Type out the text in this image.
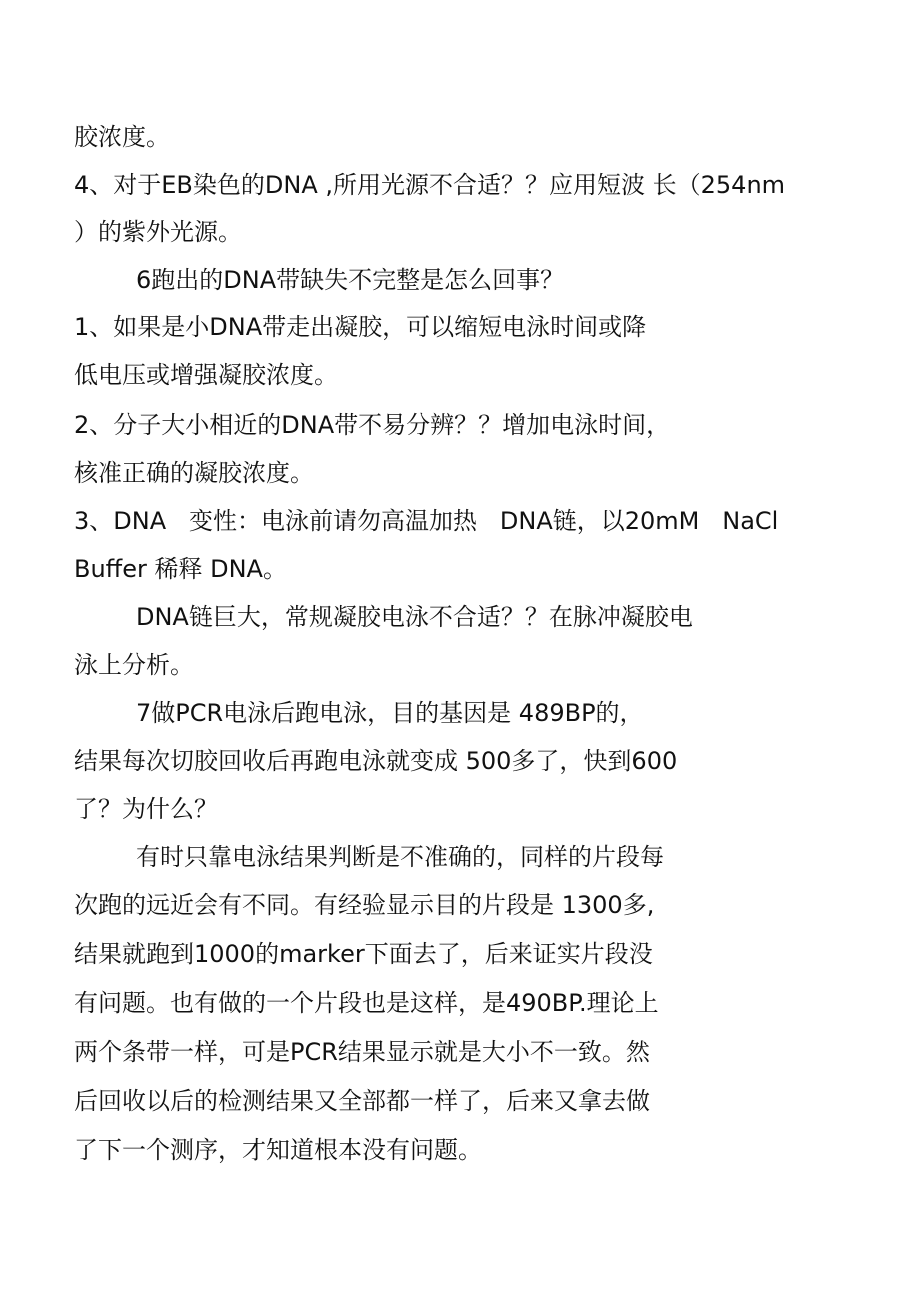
胶浓度。
4、对于EB染色的DNA ,所用光源不合适？？应用短波 长（254nm
）的紫外光源。
6跑出的DNA带缺失不完整是怎么回事？
1、如果是小DNA带走出凝胶，可以缩短电泳时间或降
低电压或增强凝胶浓度。
2、分子大小相近的DNA带不易分辨？？增加电泳时间，
核准正确的凝胶浓度。
3、DNA   变性：电泳前请勿高温加热   DNA链，以20mM   NaCl
Buffer 稀释 DNA。
DNA链巨大，常规凝胶电泳不合适？？在脉冲凝胶电
泳上分析。
7做PCR电泳后跑电泳，目的基因是 489BP的，
结果每次切胶回收后再跑电泳就变成 500多了，快到600
了？为什么？
有时只靠电泳结果判断是不准确的，同样的片段每
次跑的远近会有不同。有经验显示目的片段是 1300多,
结果就跑到1000的marker下面去了，后来证实片段没
有问题。也有做的一个片段也是这样，是490BP.理论上
两个条带一样，可是PCR结果显示就是大小不一致。然
后回收以后的检测结果又全部都一样了，后来又拿去做
了下一个测序，才知道根本没有问题。
